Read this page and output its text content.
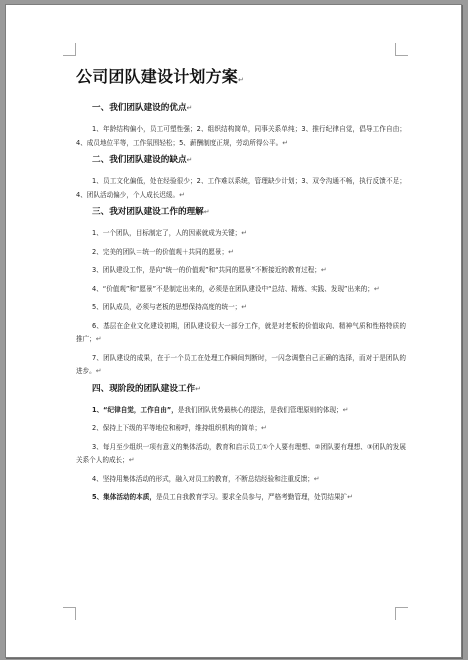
公司团队建设计划方案↵
一、我们团队建设的优点↵
1、年龄结构偏小，员工可塑性强；2、组织结构简单，同事关系单纯；3、推行纪律自觉，倡导工作自由；4、成员地位平等，工作氛围轻松；5、薪酬制度正规，劳动所得公平。↵
二、我们团队建设的缺点↵
1、员工文化偏低，处在经验很少；2、工作难以系统，管理缺少计划；3、双令沟通不畅，执行反馈不足；4、团队活动偏少，个人成长迟缓。↵
三、我对团队建设工作的理解↵
1、一个团队，目标制定了，人的因素就成为关键；↵
2、完美的团队＝统一的价值观＋共同的愿景；↵
3、团队建设工作，是向“统一的价值观”和“共同的愿景”不断接近的教育过程；↵
4、“价值观”和“愿景”不是制定出来的，必须是在团队建设中“总结、精炼、实践、发现”出来的；↵
5、团队成员，必须与老板的思想保持高度的统一；↵
6、基层在企业文化建设初期，团队建设很大一部分工作，就是对老板的价值取向、精神气质和性格特质的推广；↵
7、团队建设的成果，在于一个员工在处理工作瞬间判断时，一闪念调整自己正确的选择，而对于是团队的进步。↵
四、现阶段的团队建设工作↵
1、“纪律自觉，工作自由”，是我们团队优势最核心的提法，是我们管理原则的体现；↵
2、保持上下级的平等地位和称呼，维持组织机构的简单；↵
3、每月至少组织一项有意义的集体活动，教育和启示员工①个人要有理想、②团队要有理想、③团队的发展关系个人的成长；↵
4、坚持用集体活动的形式，融入对员工的教育，不断总结经验和注重反馈；↵
5、集体活动的本质，是员工自我教育学习。要求全员参与，严格考勤管理，处罚结果扩↵
